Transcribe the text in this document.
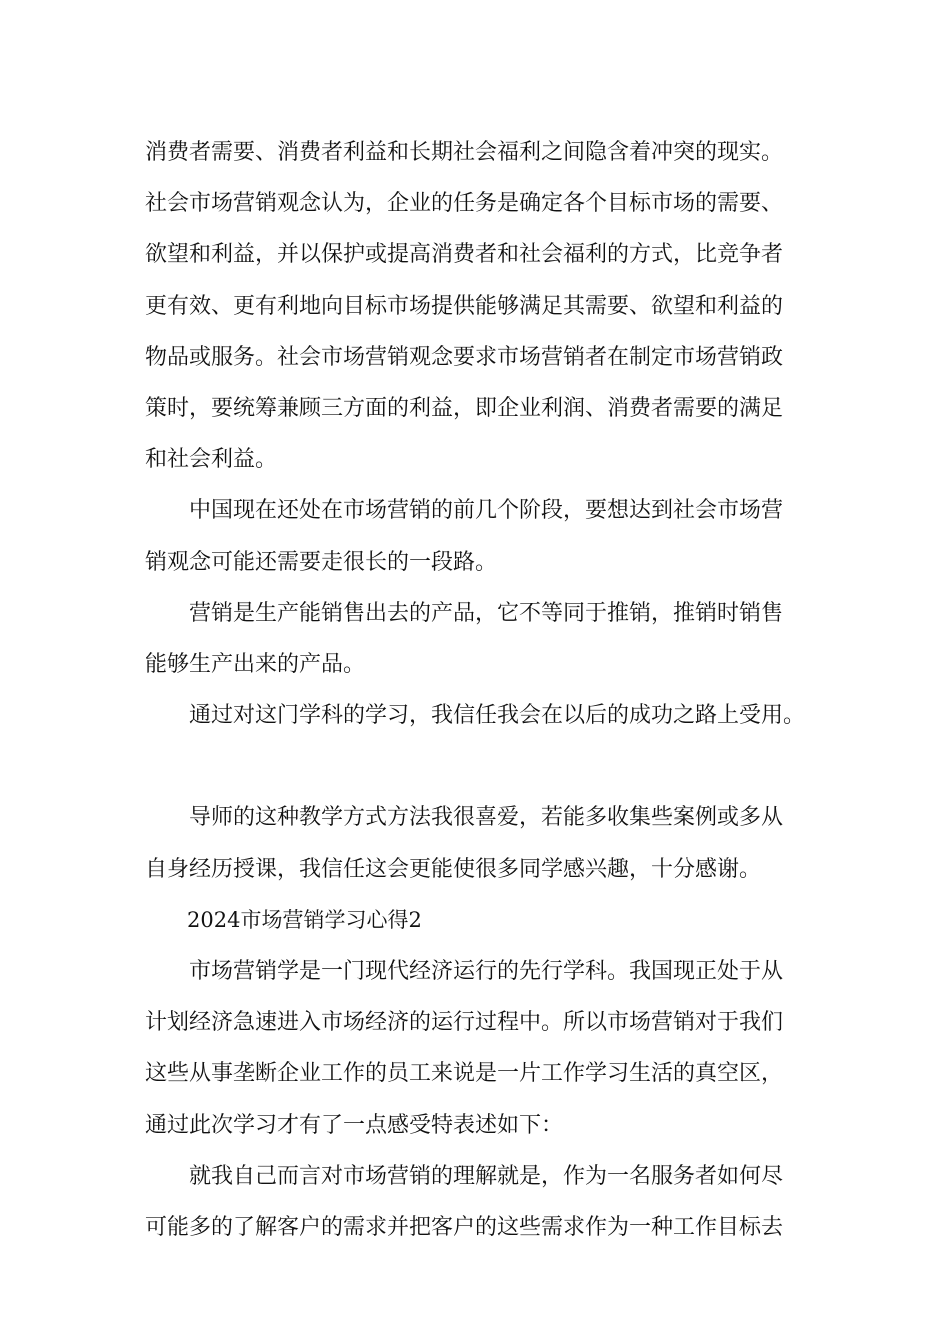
消费者需要、消费者利益和长期社会福利之间隐含着冲突的现实。
社会市场营销观念认为，企业的任务是确定各个目标市场的需要、
欲望和利益，并以保护或提高消费者和社会福利的方式，比竞争者
更有效、更有利地向目标市场提供能够满足其需要、欲望和利益的
物品或服务。社会市场营销观念要求市场营销者在制定市场营销政
策时，要统筹兼顾三方面的利益，即企业利润、消费者需要的满足
和社会利益。
中国现在还处在市场营销的前几个阶段，要想达到社会市场营
销观念可能还需要走很长的一段路。
营销是生产能销售出去的产品，它不等同于推销，推销时销售
能够生产出来的产品。
通过对这门学科的学习，我信任我会在以后的成功之路上受用。
导师的这种教学方式方法我很喜爱，若能多收集些案例或多从
自身经历授课，我信任这会更能使很多同学感兴趣，十分感谢。
2024市场营销学习心得2
市场营销学是一门现代经济运行的先行学科。我国现正处于从
计划经济急速进入市场经济的运行过程中。所以市场营销对于我们
这些从事垄断企业工作的员工来说是一片工作学习生活的真空区，
通过此次学习才有了一点感受特表述如下：
就我自己而言对市场营销的理解就是，作为一名服务者如何尽
可能多的了解客户的需求并把客户的这些需求作为一种工作目标去
